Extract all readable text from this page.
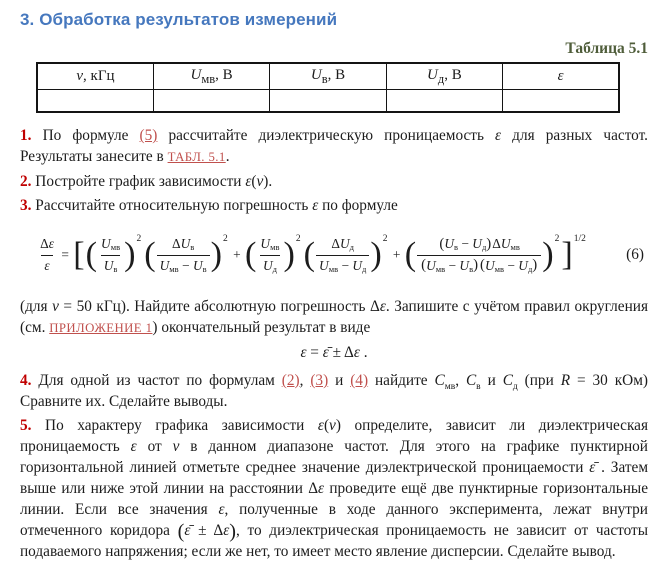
3. Обработка результатов измерений
Таблица 5.1
ν, кГц	$U_{мв}$, В	$U_в$, В	$U_д$, В	ε

1. По формуле (5) рассчитайте диэлектрическую проницаемость ε для разных частот. Результаты занесите в ТАБЛ. 5.1.

2. Постройте график зависимости ε(ν).

3. Рассчитайте относительную погрешность ε по формуле

$\frac{\text{Δ ε}}{\varepsilon}$ = [ ( $\frac{U_{мв}}{U_в}$ ) 2 ( $\frac{\Delta U_в}{U_{мв} - U_в}$ ) 2
+ ( $\frac{U_{мв}}{U_д}$ ) 2 ( $\frac{\Delta U_д}{U_{мв} - U_д}$ ) 2
+ ( $\frac{( U_в - U_д ) \Delta U_{мв}}{( U_{мв} - U_в ) ( U_{мв} - U_д )}$ ) 2 ] 1/2
(6)

(для ν = 50 кГц). Найдите абсолютную погрешность Δε. Запишите с учётом правил округления (см. ПРИЛОЖЕНИЕ 1) окончательный результат в виде

ε = ε̄ ± Δε .

4. Для одной из частот по формулам (2), (3) и (4) найдите $C_{мв}$, $C_в$ и $C_д$ (при R = 30 кОм) Сравните их. Сделайте выводы.

5. По характеру графика зависимости ε(ν) определите, зависит ли диэлектрическая проницаемость ε от ν в данном диапазоне частот. Для этого на графике пунктирной горизонтальной линией отметьте среднее значение диэлектрической проницаемости ε̄ . Затем выше или ниже этой линии на расстоянии Δε проведите ещё две пунктирные горизонтальные линии. Если все значения ε, полученные в ходе данного эксперимента, лежат внутри отмеченного коридора (ε̄ ± Δε), то диэлектрическая проницаемость не зависит от частоты подаваемого напряжения; если же нет, то имеет место явление дисперсии. Сделайте вывод.
